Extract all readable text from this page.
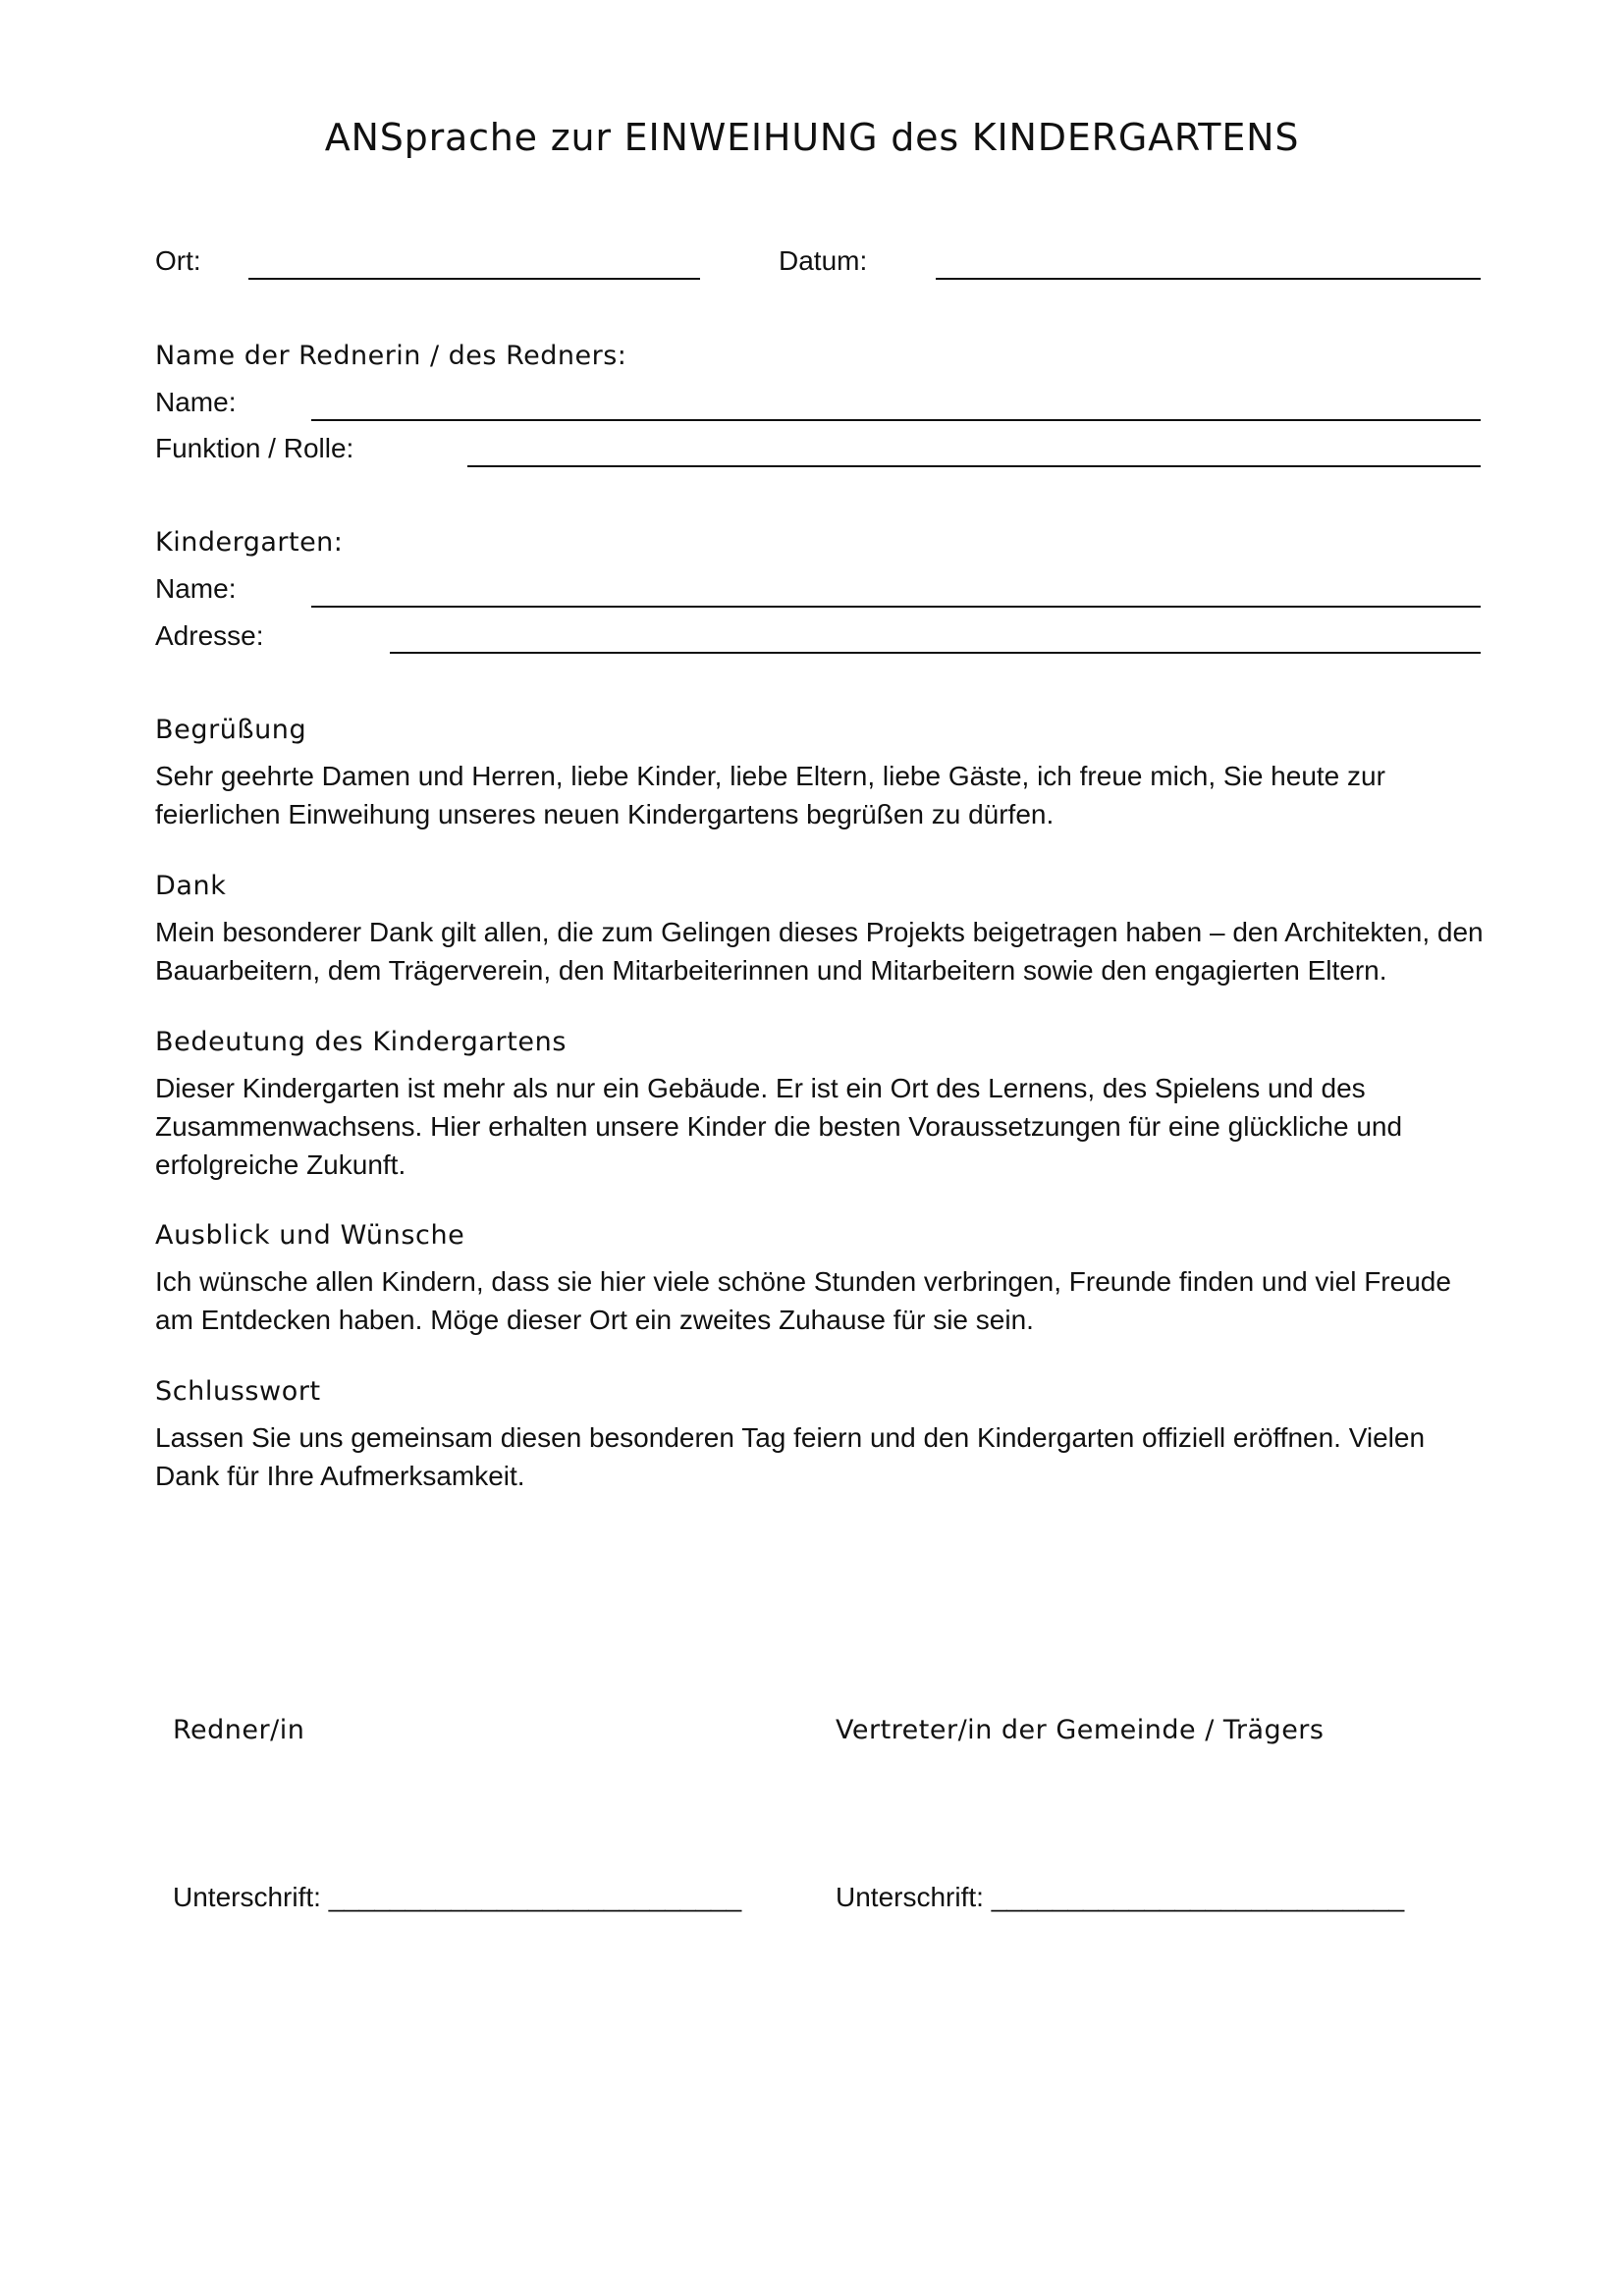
ANSprache zur EINWEIHUNG des KINDERGARTENS
Ort:	Datum:
Name der Rednerin / des Redners:
Name:
Funktion / Rolle:
Kindergarten:
Name:
Adresse:
Begrüßung

Sehr geehrte Damen und Herren, liebe Kinder, liebe Eltern, liebe Gäste, ich freue mich, Sie heute zur feierlichen Einweihung unseres neuen Kindergartens begrüßen zu dürfen.

Dank

Mein besonderer Dank gilt allen, die zum Gelingen dieses Projekts beigetragen haben – den Architekten, den Bauarbeitern, dem Trägerverein, den Mitarbeiterinnen und Mitarbeitern sowie den engagierten Eltern.

Bedeutung des Kindergartens

Dieser Kindergarten ist mehr als nur ein Gebäude. Er ist ein Ort des Lernens, des Spielens und des Zusammenwachsens. Hier erhalten unsere Kinder die besten Voraussetzungen für eine glückliche und erfolgreiche Zukunft.

Ausblick und Wünsche

Ich wünsche allen Kindern, dass sie hier viele schöne Stunden verbringen, Freunde finden und viel Freude am Entdecken haben. Möge dieser Ort ein zweites Zuhause für sie sein.

Schlusswort

Lassen Sie uns gemeinsam diesen besonderen Tag feiern und den Kindergarten offiziell eröffnen. Vielen Dank für Ihre Aufmerksamkeit.

Redner/in	Vertreter/in der Gemeinde / Trägers
Unterschrift: ___________________________	Unterschrift: ___________________________
